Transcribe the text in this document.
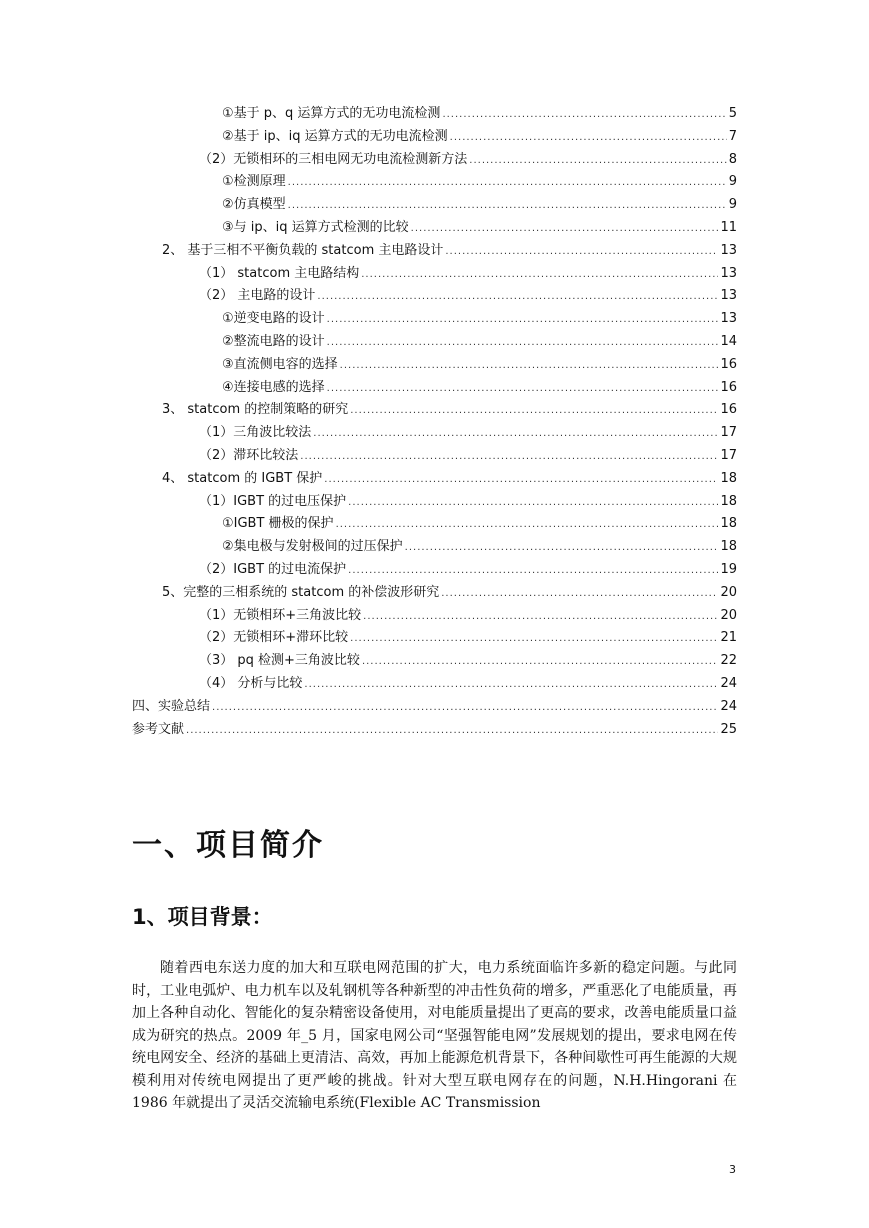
①基于 p、q 运算方式的无功电流检测 .....	5
②基于 ip、iq 运算方式的无功电流检测 .....	7
（2）无锁相环的三相电网无功电流检测新方法 .....	8
①检测原理 .....	9
②仿真模型 .....	9
③与 ip、iq 运算方式检测的比较 .....	11
2、 基于三相不平衡负载的 statcom 主电路设计 .....	13
（1） statcom 主电路结构 .....	13
（2） 主电路的设计 .....	13
①逆变电路的设计 .....	13
②整流电路的设计 .....	14
③直流侧电容的选择 .....	16
④连接电感的选择 .....	16
3、 statcom 的控制策略的研究 .....	16
（1）三角波比较法 .....	17
（2）滞环比较法 .....	17
4、 statcom 的 IGBT 保护 .....	18
（1）IGBT 的过电压保护 .....	18
①IGBT 栅极的保护 .....	18
②集电极与发射极间的过压保护 .....	18
（2）IGBT 的过电流保护 .....	19
5、完整的三相系统的 statcom 的补偿波形研究 .....	20
（1）无锁相环+三角波比较 .....	20
（2）无锁相环+滞环比较 .....	21
（3） pq 检测+三角波比较 .....	22
（4） 分析与比较 .....	24
四、实验总结 .....	24
参考文献 .....	25
一、项目简介
1、项目背景：
随着西电东送力度的加大和互联电网范围的扩大，电力系统面临许多新的稳定问题。与此同时，工业电弧炉、电力机车以及轧钢机等各种新型的冲击性负荷的增多，严重恶化了电能质量，再加上各种自动化、智能化的复杂精密设备使用，对电能质量提出了更高的要求，改善电能质量口益成为研究的热点。2009 年_5 月，国家电网公司“坚强智能电网”发展规划的提出，要求电网在传统电网安全、经济的基础上更清洁、高效，再加上能源危机背景下，各种间歇性可再生能源的大规模利用对传统电网提出了更严峻的挑战。针对大型互联电网存在的问题，N.H.Hingorani 在 1986 年就提出了灵活交流输电系统(Flexible AC Transmission
3
